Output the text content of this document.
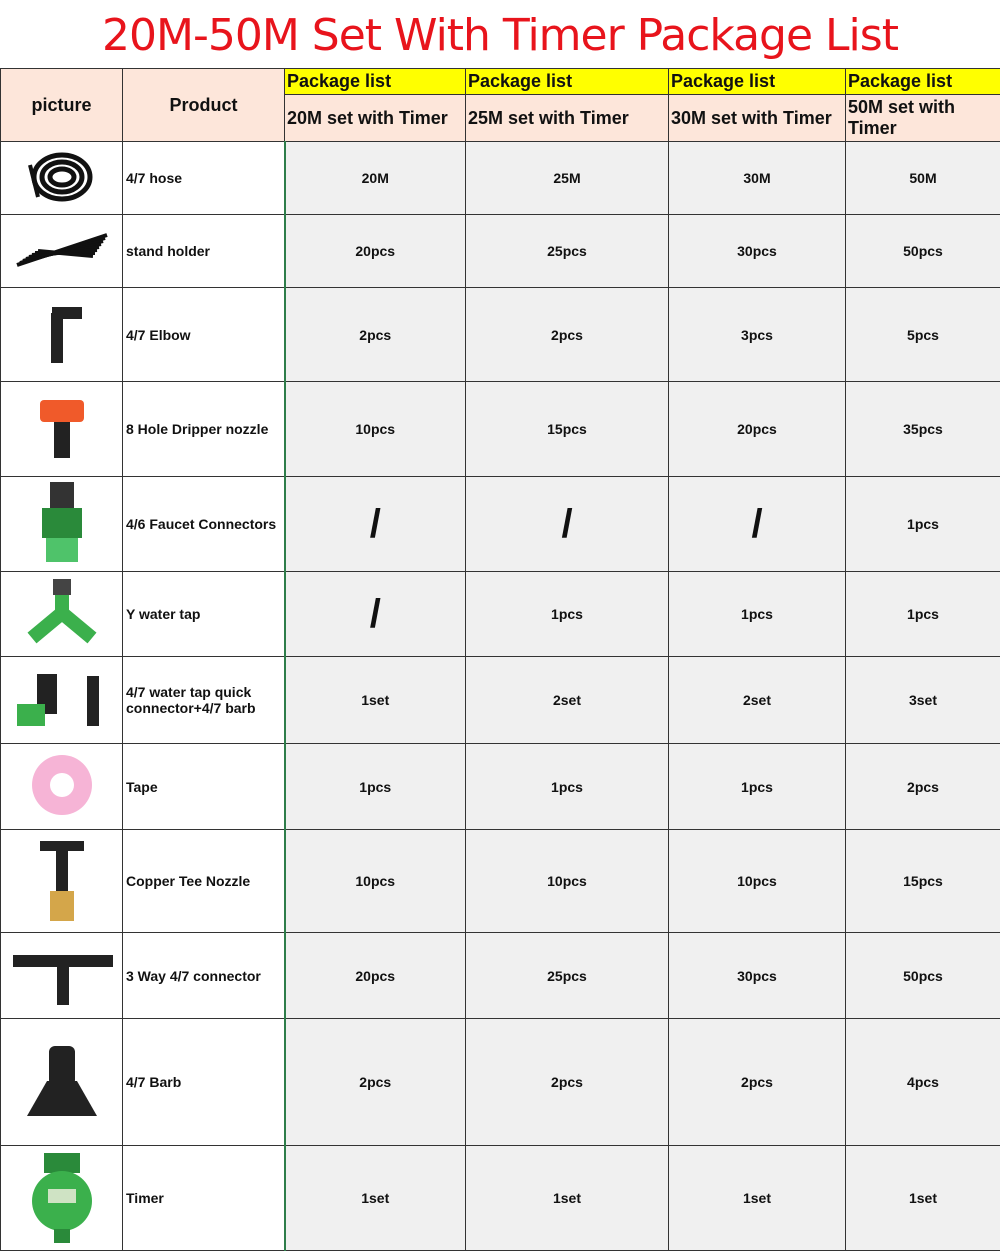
20M-50M Set With Timer Package List
picture	Product	Package list	Package list	Package list	Package list
20M set with Timer	25M set with Timer	30M set with Timer	50M set with Timer
	4/7 hose	20M	25M	30M	50M
	stand holder	20pcs	25pcs	30pcs	50pcs
	4/7 Elbow	2pcs	2pcs	3pcs	5pcs
	8 Hole Dripper nozzle	10pcs	15pcs	20pcs	35pcs
	4/6 Faucet Connectors	/	/	/	1pcs
	Y water tap	/	1pcs	1pcs	1pcs
	4/7 water tap quick connector+4/7 barb	1set	2set	2set	3set
	Tape	1pcs	1pcs	1pcs	2pcs
	Copper Tee Nozzle	10pcs	10pcs	10pcs	15pcs
	3 Way 4/7 connector	20pcs	25pcs	30pcs	50pcs
	4/7 Barb	2pcs	2pcs	2pcs	4pcs
	Timer	1set	1set	1set	1set
